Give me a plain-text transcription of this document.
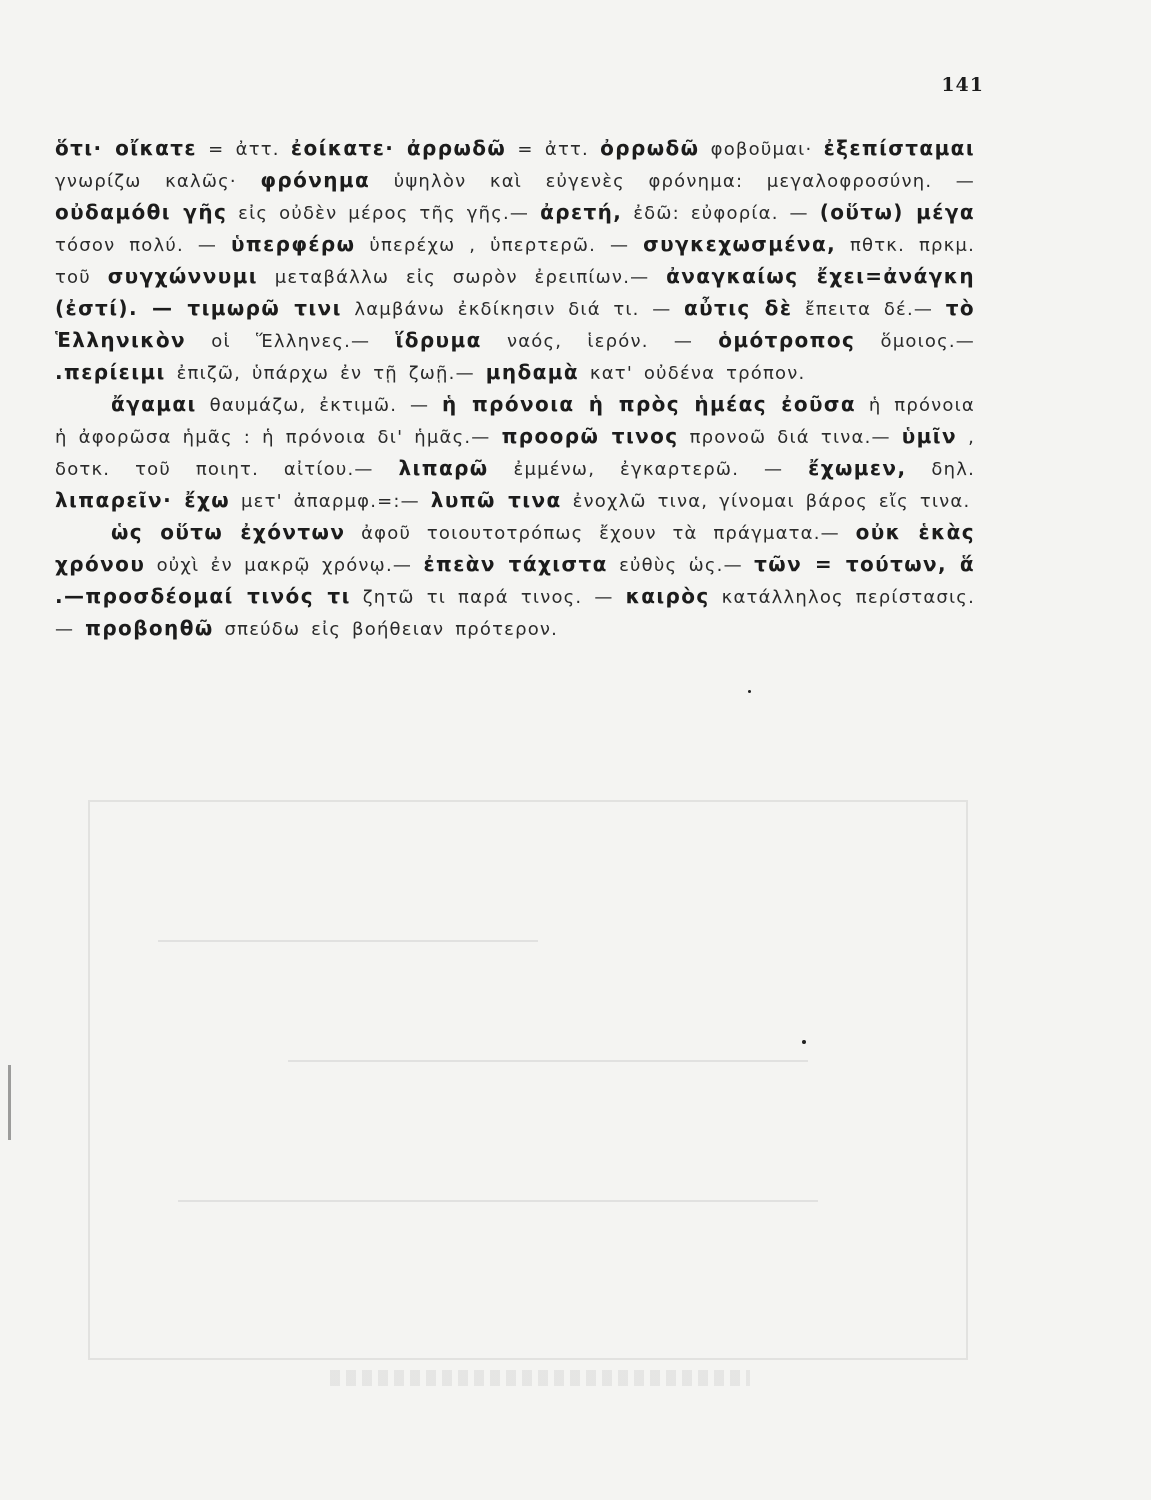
141

ὅτι· οἴκατε = ἀττ. ἐοίκατε· ἀρρωδῶ = ἀττ. ὀρρωδῶ φοβοῦμαι· ἐξεπίσταμαι γνωρίζω καλῶς· φρόνημα ὑψηλὸν καὶ εὐγενὲς φρόνημα: μεγαλοφροσύνη. — οὐδαμόθι γῆς εἰς οὐδὲν μέρος τῆς γῆς.— ἀρετή, ἐδῶ: εὐφορία. — (οὕτω) μέγα τόσον πολύ. — ὑπερφέρω ὑπερέχω , ὑπερτερῶ. — συγκεχωσμένα, πθτκ. πρκμ. τοῦ συγχώννυμι μεταβάλλω εἰς σωρὸν ἐρειπίων.— ἀναγκαίως ἔχει=ἀνάγκη (ἐστί). — τιμωρῶ τινι λαμβάνω ἐκδίκησιν διά τι. — αὖτις δὲ ἔπειτα δέ.— τὸ Ἑλληνικὸν οἱ Ἕλληνες.— ἵδρυμα ναός, ἱερόν. — ὁμότροπος ὅμοιος.— .περίειμι ἐπιζῶ, ὑπάρχω ἐν τῇ ζωῇ.— μηδαμὰ κατ' οὐδένα τρόπον.

ἄγαμαι θαυμάζω, ἐκτιμῶ. — ἡ πρόνοια ἡ πρὸς ἡμέας ἐοῦσα ἡ πρόνοια ἡ ἀφορῶσα ἡμᾶς : ἡ πρόνοια δι' ἡμᾶς.— προορῶ τινος προνοῶ διά τινα.— ὑμῖν , δοτκ. τοῦ ποιητ. αἰτίου.— λιπαρῶ ἐμμένω, ἐγκαρτερῶ. — ἔχωμεν, δηλ. λιπαρεῖν· ἔχω μετ' ἀπαρμφ.=:— λυπῶ τινα ἐνοχλῶ τινα, γίνομαι βάρος εἴς τινα.

ὡς οὕτω ἐχόντων ἀφοῦ τοιουτοτρόπως ἔχουν τὰ πράγματα.— οὐκ ἑκὰς χρόνου οὐχὶ ἐν μακρῷ χρόνῳ.— ἐπεὰν τάχιστα εὐθὺς ὡς.— τῶν = τούτων, ἅ .—προσδέομαί τινός τι ζητῶ τι παρά τινος. — καιρὸς κατάλληλος περίστασις.— προβοηθῶ σπεύδω εἰς βοήθειαν πρότερον.
